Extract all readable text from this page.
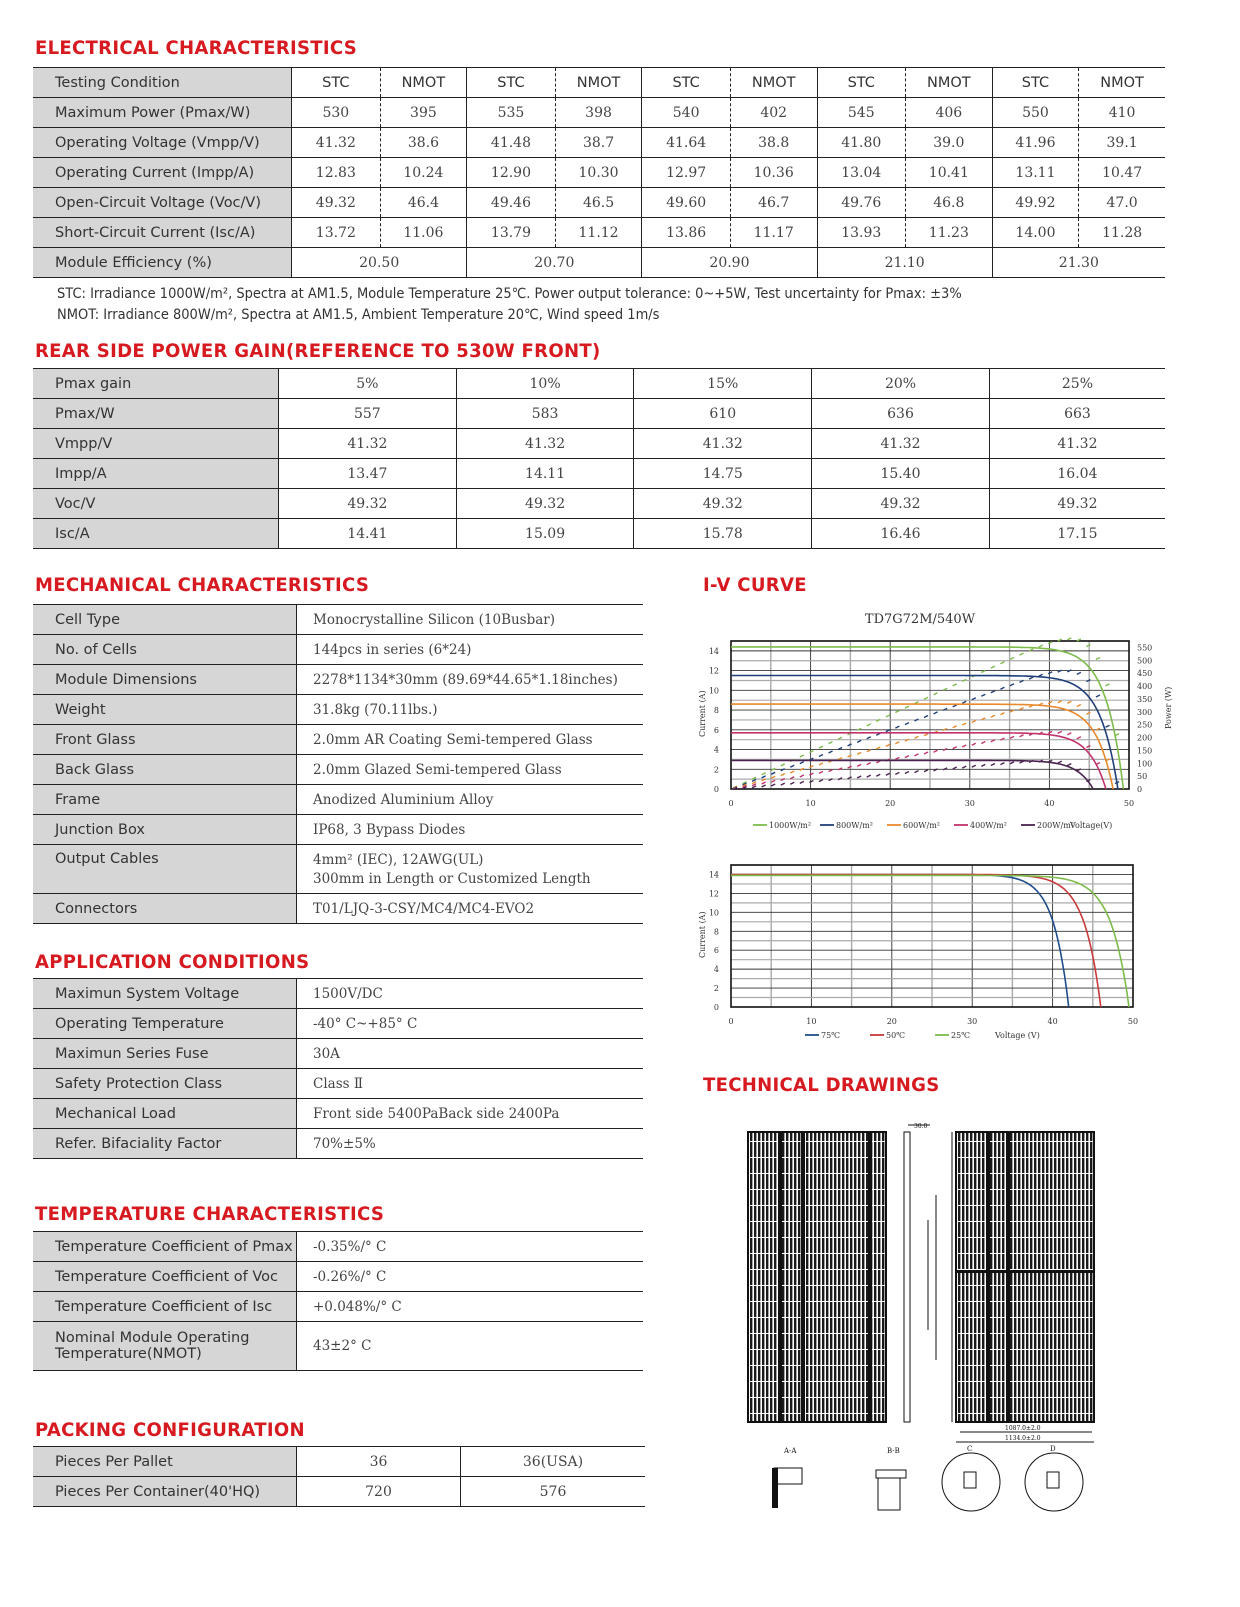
ELECTRICAL CHARACTERISTICS
Testing Condition	STC	NMOT	STC	NMOT	STC	NMOT	STC	NMOT	STC	NMOT
Maximum Power (Pmax/W)	530	395	535	398	540	402	545	406	550	410
Operating Voltage (Vmpp/V)	41.32	38.6	41.48	38.7	41.64	38.8	41.80	39.0	41.96	39.1
Operating Current (Impp/A)	12.83	10.24	12.90	10.30	12.97	10.36	13.04	10.41	13.11	10.47
Open-Circuit Voltage (Voc/V)	49.32	46.4	49.46	46.5	49.60	46.7	49.76	46.8	49.92	47.0
Short-Circuit Current (Isc/A)	13.72	11.06	13.79	11.12	13.86	11.17	13.93	11.23	14.00	11.28
Module Efficiency (%)	20.50		20.70		20.90		21.10		21.30	
STC: Irradiance 1000W/m², Spectra at AM1.5, Module Temperature 25℃. Power output tolerance: 0~+5W, Test uncertainty for Pmax: ±3%
NMOT: Irradiance 800W/m², Spectra at AM1.5, Ambient Temperature 20℃, Wind speed 1m/s
REAR SIDE POWER GAIN(REFERENCE TO 530W FRONT)
Pmax gain	5%	10%	15%	20%	25%
Pmax/W	557	583	610	636	663
Vmpp/V	41.32	41.32	41.32	41.32	41.32
Impp/A	13.47	14.11	14.75	15.40	16.04
Voc/V	49.32	49.32	49.32	49.32	49.32
Isc/A	14.41	15.09	15.78	16.46	17.15
MECHANICAL CHARACTERISTICS
Cell Type	Monocrystalline Silicon (10Busbar)
No. of Cells	144pcs in series (6*24)
Module Dimensions	2278*1134*30mm (89.69*44.65*1.18inches)
Weight	31.8kg (70.11lbs.)
Front Glass	2.0mm AR Coating Semi-tempered Glass
Back Glass	2.0mm Glazed Semi-tempered Glass
Frame	Anodized Aluminium Alloy
Junction Box	IP68, 3 Bypass Diodes
Output Cables	4mm² (IEC), 12AWG(UL)
300mm in Length or Customized Length

Connectors	T01/LJQ-3-CSY/MC4/MC4-EVO2
APPLICATION CONDITIONS
Maximun System Voltage	1500V/DC
Operating Temperature	-40° C~+85° C
Maximun Series Fuse	30A
Safety Protection Class	Class Ⅱ
Mechanical Load	Front side 5400PaBack side 2400Pa
Refer. Bifaciality Factor	70%±5%
TEMPERATURE CHARACTERISTICS
Temperature Coefficient of Pmax	-0.35%/° C
Temperature Coefficient of Voc	-0.26%/° C
Temperature Coefficient of Isc	+0.048%/° C

Nominal Module Operating
Temperature(NMOT)	43±2° C
PACKING CONFIGURATION
Pieces Per Pallet	36	36(USA)
Pieces Per Container(40'HQ)	720	576
I-V CURVE
TD7G72M/540W
0	10	20	30	40	50
0
2
4
6
8
10
12
14
0
50
100
150
200
250
300
350
400
450
500
550
Power (W)
Current (A)
1000W/m²	800W/m²	600W/m²	400W/m²	200W/m²
Voltage(V)
0	10	20	30	40	50
0
2
4
6
8
10
12
14
Current (A)
75℃	50℃	25℃	Voltage (V)
TECHNICAL DRAWINGS
30.0
1087.0±2.0
1134.0±2.0
A-A	B-B	C	D
